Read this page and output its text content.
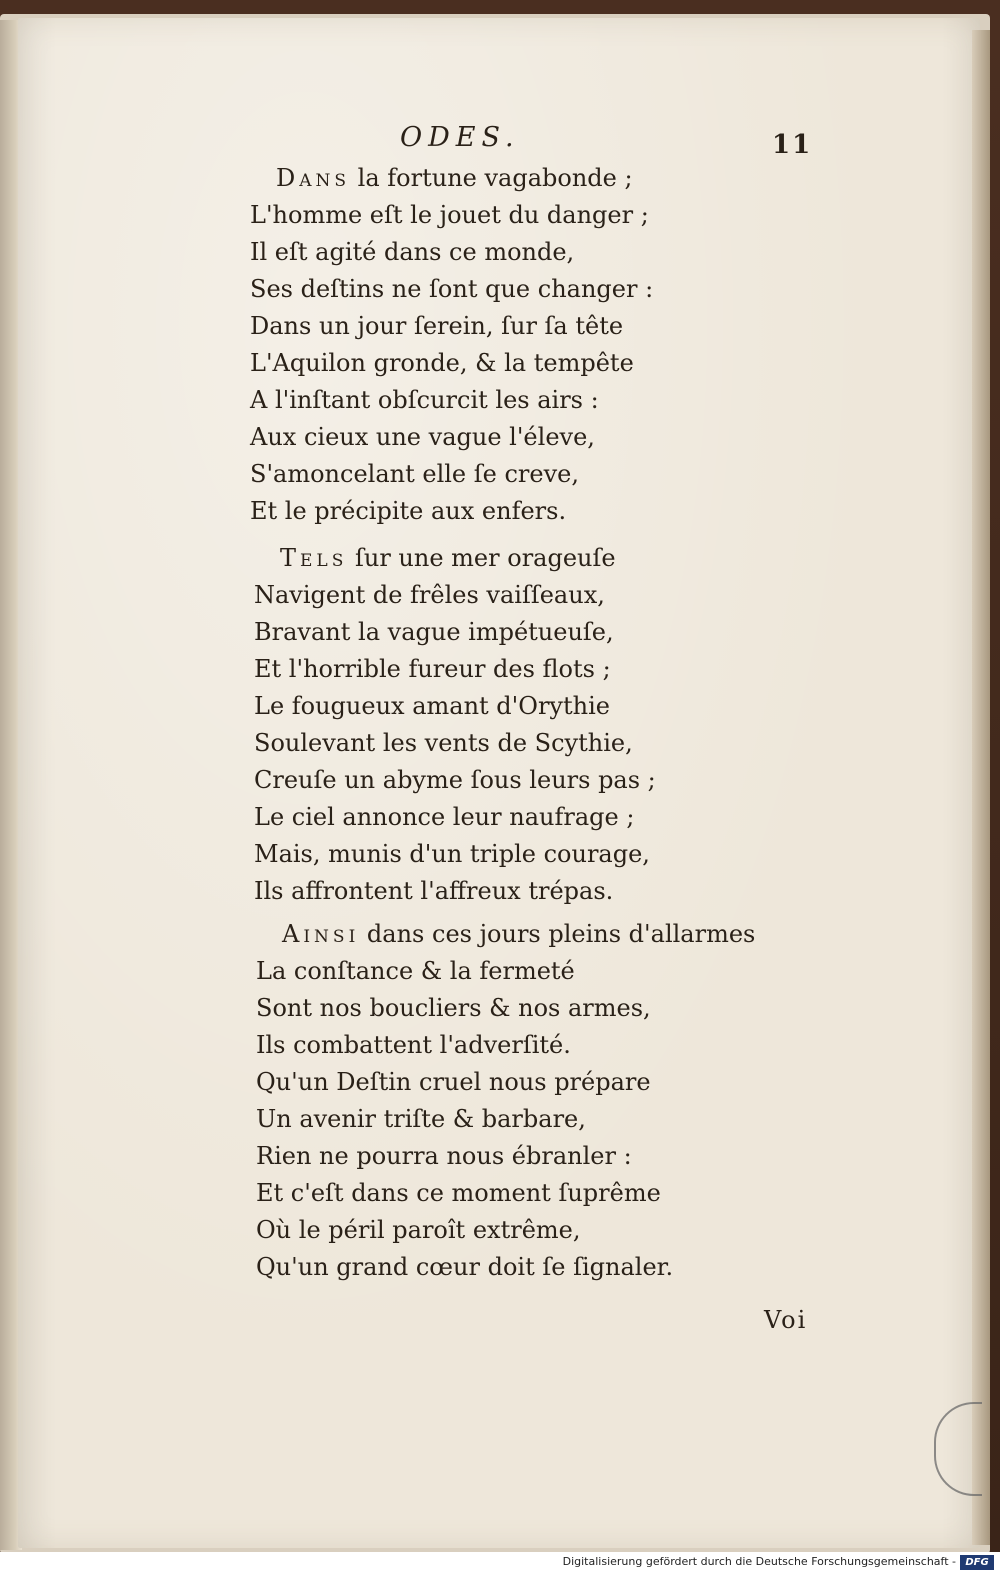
ODES.	11
Dans la fortune vagabonde ;
L'homme eſt le jouet du danger ;
Il eſt agité dans ce monde,
Ses deſtins ne ſont que changer :
Dans un jour ſerein, ſur ſa tête
L'Aquilon gronde, & la tempête
A l'inſtant obſcurcit les airs :
Aux cieux une vague l'éleve,
S'amoncelant elle ſe creve,
Et le précipite aux enfers.
Tels ſur une mer orageuſe
Navigent de frêles vaiſſeaux,
Bravant la vague impétueuſe,
Et l'horrible fureur des flots ;
Le fougueux amant d'Orythie
Soulevant les vents de Scythie,
Creuſe un abyme ſous leurs pas ;
Le ciel annonce leur naufrage ;
Mais, munis d'un triple courage,
Ils affrontent l'affreux trépas.
Ainsi dans ces jours pleins d'allarmes
La conſtance & la fermeté
Sont nos boucliers & nos armes,
Ils combattent l'adverſité.
Qu'un Deſtin cruel nous prépare
Un avenir triſte & barbare,
Rien ne pourra nous ébranler :
Et c'eſt dans ce moment ſuprême
Où le péril paroît extrême,
Qu'un grand cœur doit ſe ſignaler.
Voi
Digitalisierung gefördert durch die Deutsche Forschungsgemeinschaft - DFG
